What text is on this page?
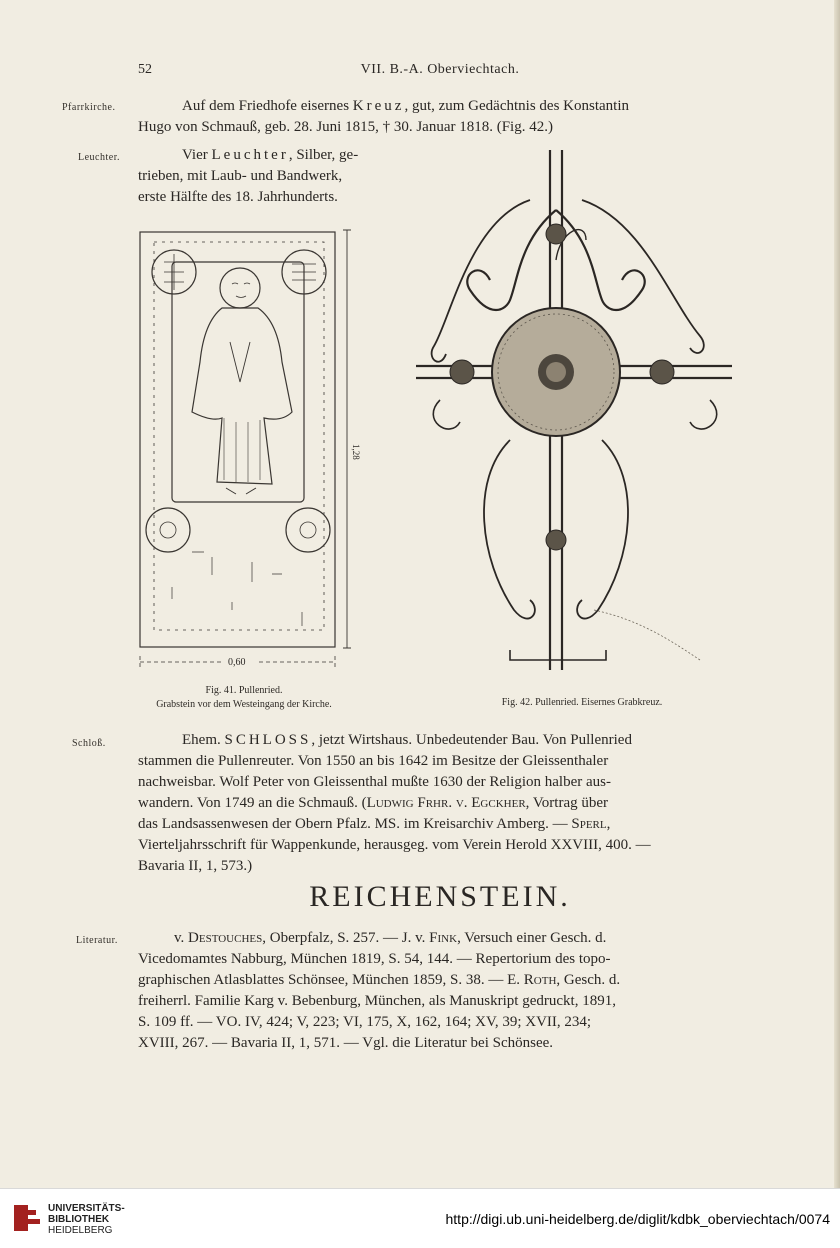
52	VII. B.-A. Oberviechtach.
Pfarrkirche.	Auf dem Friedhofe eisernes Kreuz, gut, zum Gedächtnis des Konstantin
Hugo von Schmauß, geb. 28. Juni 1815, † 30. Januar 1818. (Fig. 42.)
Leuchter.	Vier Leuchter, Silber, ge-
trieben, mit Laub- und Bandwerk,
erste Hälfte des 18. Jahrhunderts.
1,28
0,60
Fig. 41. Pullenried.
Grabstein vor dem Westeingang der Kirche.	Fig. 42. Pullenried. Eisernes Grabkreuz.
Schloß.	Ehem. SCHLOSS, jetzt Wirtshaus. Unbedeutender Bau. Von Pullenried
stammen die Pullenreuter. Von 1550 an bis 1642 im Besitze der Gleissenthaler
nachweisbar. Wolf Peter von Gleissenthal mußte 1630 der Religion halber aus-
wandern. Von 1749 an die Schmauß. (Ludwig Frhr. v. Egckher, Vortrag über
das Landsassenwesen der Obern Pfalz. MS. im Kreisarchiv Amberg. — Sperl,
Vierteljahrsschrift für Wappenkunde, herausgeg. vom Verein Herold XXVIII, 400. —
Bavaria II, 1, 573.)
REICHENSTEIN.
Literatur.	v. Destouches, Oberpfalz, S. 257. — J. v. Fink, Versuch einer Gesch. d.
Vicedomamtes Nabburg, München 1819, S. 54, 144. — Repertorium des topo-
graphischen Atlasblattes Schönsee, München 1859, S. 38. — E. Roth, Gesch. d.
freiherrl. Familie Karg v. Bebenburg, München, als Manuskript gedruckt, 1891,
S. 109 ff. — VO. IV, 424; V, 223; VI, 175, X, 162, 164; XV, 39; XVII, 234;
XVIII, 267. — Bavaria II, 1, 571. — Vgl. die Literatur bei Schönsee.
UNIVERSITÄTS-
BIBLIOTHEK
HEIDELBERG
http://digi.ub.uni-heidelberg.de/diglit/kdbk_oberviechtach/0074
